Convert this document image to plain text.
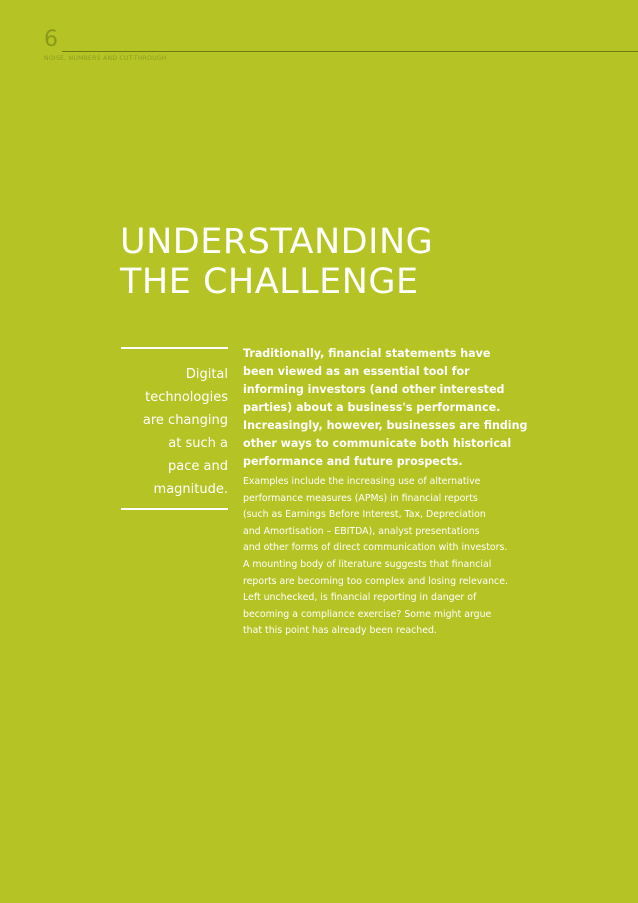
6
NOISE, NUMBERS AND CUT-THROUGH
UNDERSTANDING
THE CHALLENGE
Digital
technologies
are changing
at such a
pace and
magnitude.

Traditionally, financial statements have
been viewed as an essential tool for
informing investors (and other interested
parties) about a business's performance.
Increasingly, however, businesses are finding
other ways to communicate both historical
performance and future prospects.

Examples include the increasing use of alternative
performance measures (APMs) in financial reports
(such as Earnings Before Interest, Tax, Depreciation
and Amortisation – EBITDA), analyst presentations
and other forms of direct communication with investors.
A mounting body of literature suggests that financial
reports are becoming too complex and losing relevance.
Left unchecked, is financial reporting in danger of
becoming a compliance exercise? Some might argue
that this point has already been reached.
